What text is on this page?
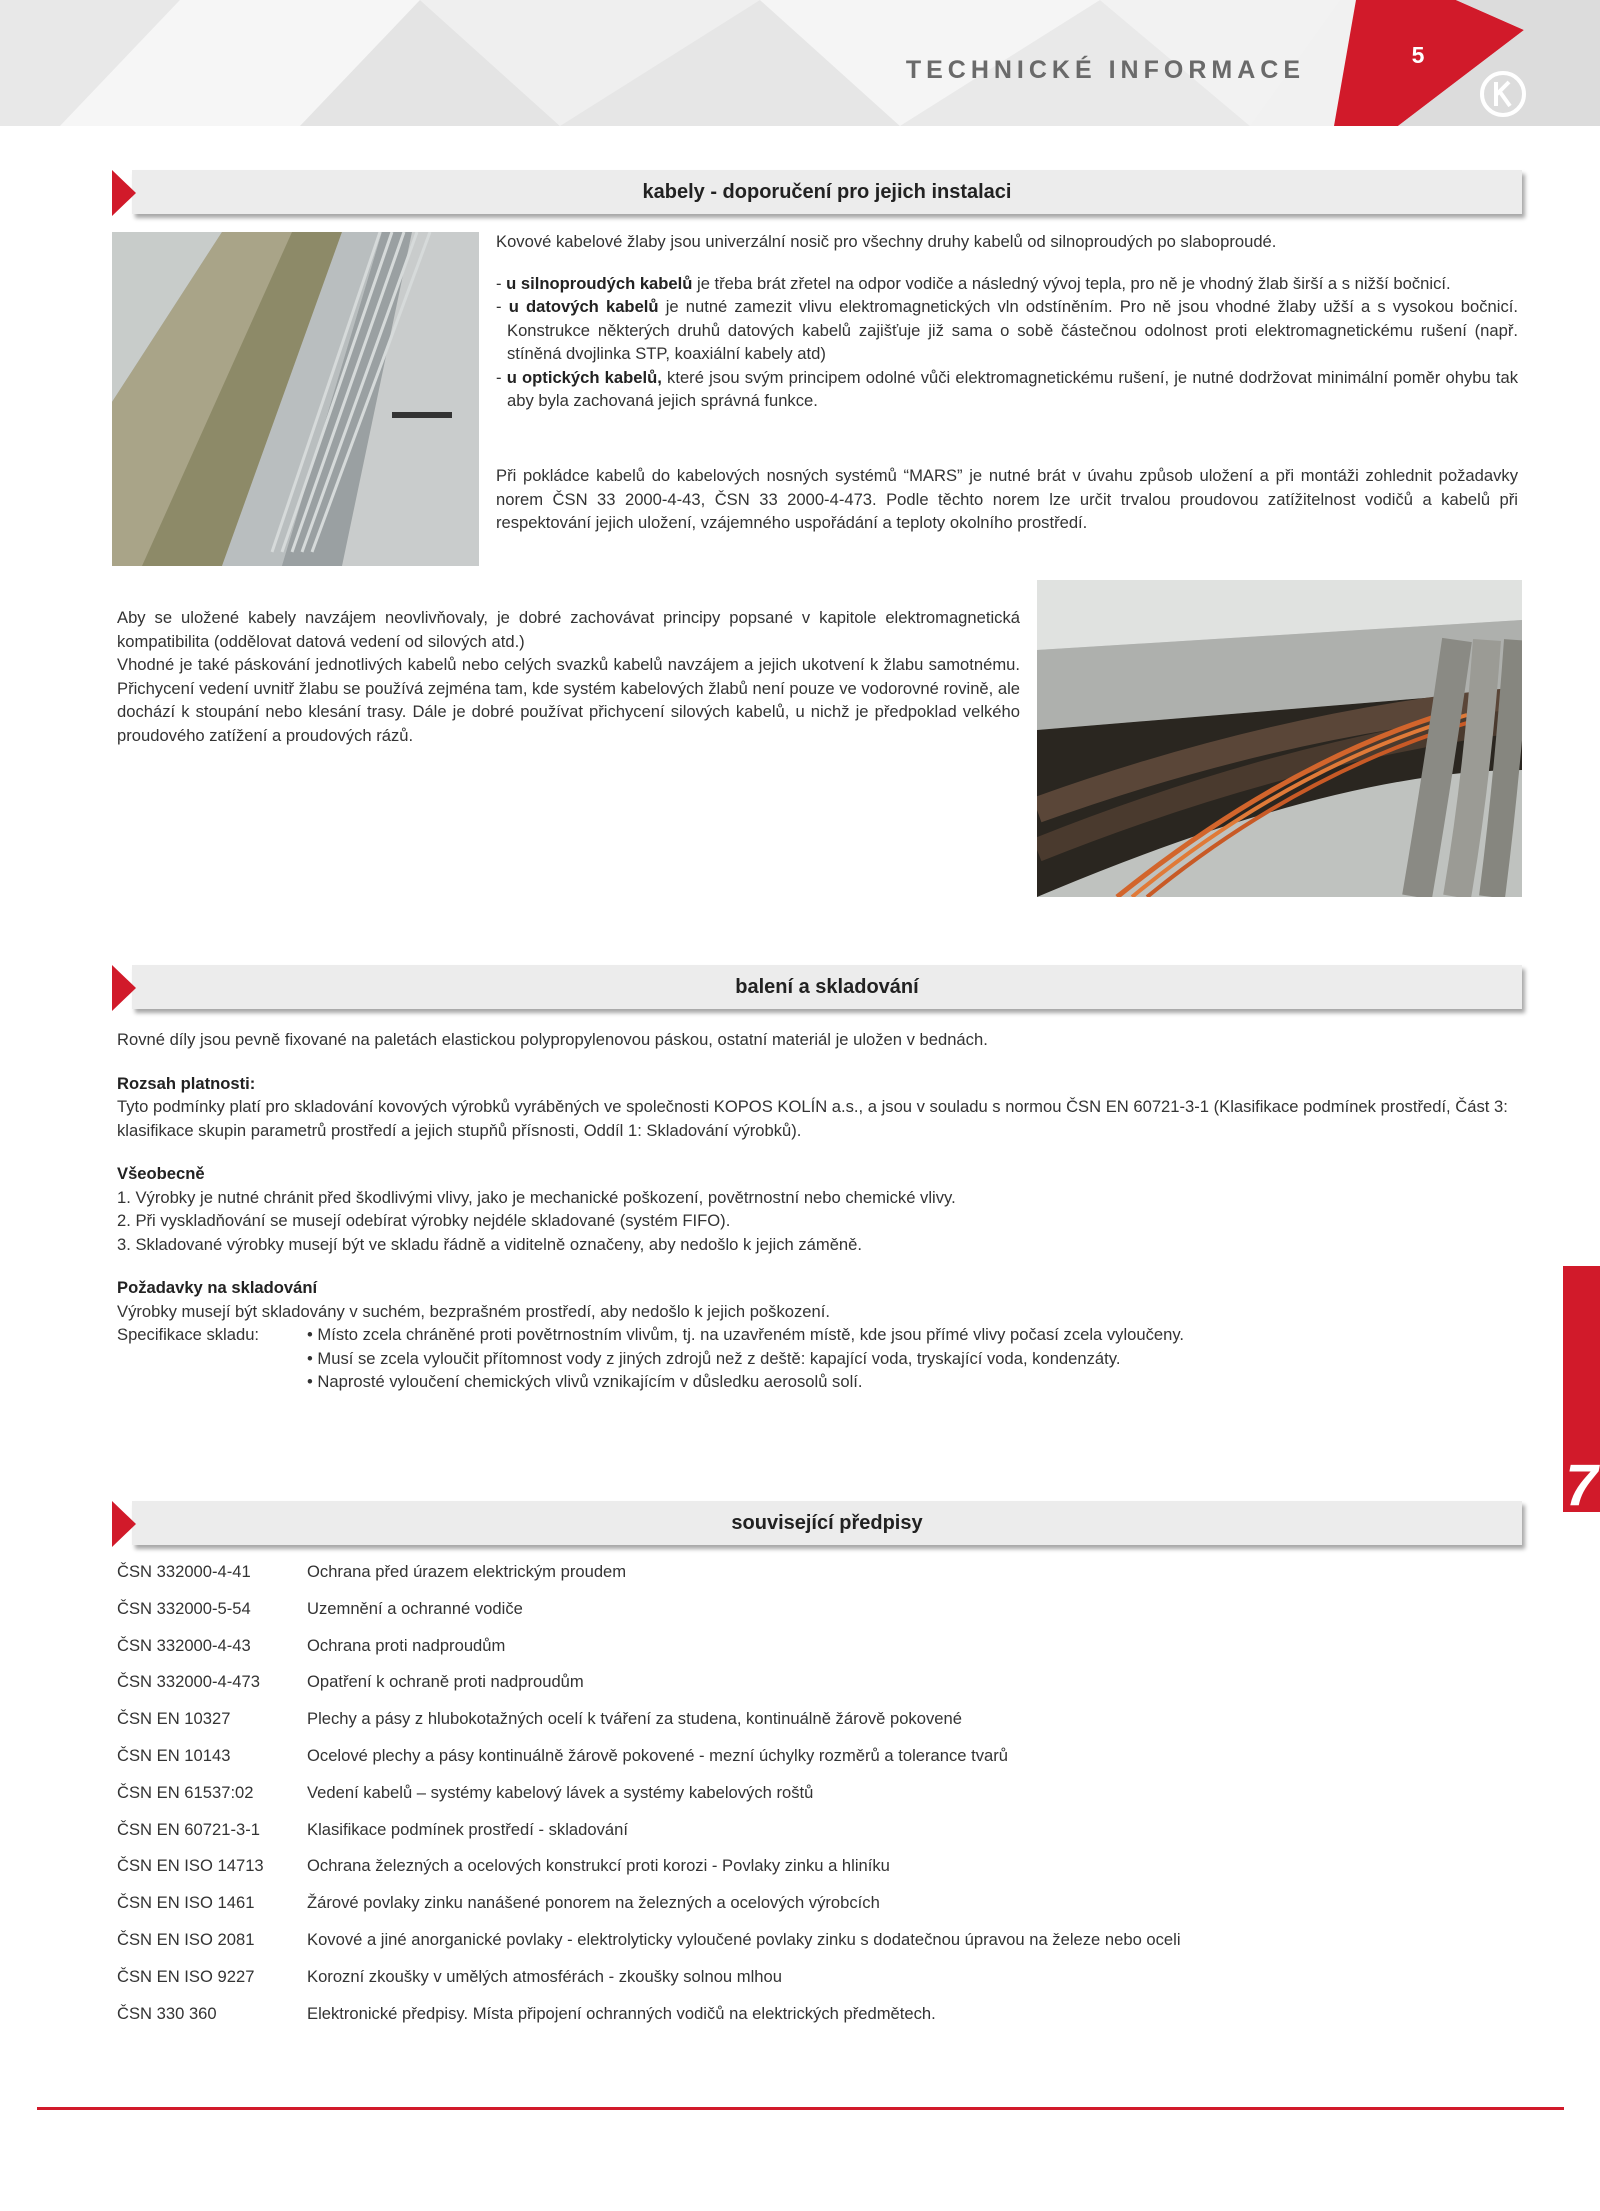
TECHNICKÉ INFORMACE
5
kabely - doporučení pro jejich instalaci

Kovové kabelové žlaby jsou univerzální nosič pro všechny druhy kabelů od silnoproudých po slaboproudé.

- u silnoproudých kabelů je třeba brát zřetel na odpor vodiče a následný vývoj tepla, pro ně je vhodný žlab širší a s nižší bočnicí.

- u datových kabelů je nutné zamezit vlivu elektromagnetických vln odstíněním. Pro ně jsou vhodné žlaby užší a s vysokou bočnicí. Konstrukce některých druhů datových kabelů zajišťuje již sama o sobě částečnou odolnost proti elektromagnetickému rušení (např. stíněná dvojlinka STP, koaxiální kabely atd)

- u optických kabelů, které jsou svým principem odolné vůči elektromagnetickému rušení, je nutné dodržovat minimální poměr ohybu tak aby byla zachovaná jejich správná funkce.

Při pokládce kabelů do kabelových nosných systémů “MARS” je nutné brát v úvahu způsob uložení a při montáži zohlednit požadavky norem ČSN 33 2000-4-43, ČSN 33 2000-4-473. Podle těchto norem lze určit trvalou proudovou zatížitelnost vodičů a kabelů při respektování jejich uložení, vzájemného uspořádání a teploty okolního prostředí.

Aby se uložené kabely navzájem neovlivňovaly, je dobré zachovávat principy popsané v kapitole elektromagnetická kompatibilita (oddělovat datová vedení od silových atd.)

Vhodné je také páskování jednotlivých kabelů nebo celých svazků kabelů navzájem a jejich ukotvení k žlabu samotnému. Přichycení vedení uvnitř žlabu se používá zejména tam, kde systém kabelových žlabů není pouze ve vodorovné rovině, ale dochází k stoupání nebo klesání trasy. Dále je dobré používat přichycení silových kabelů, u nichž je předpoklad velkého proudového zatížení a proudových rázů.

balení a skladování

Rovné díly jsou pevně fixované na paletách elastickou polypropylenovou páskou, ostatní materiál je uložen v bednách.

Rozsah platnosti:

Tyto podmínky platí pro skladování kovových výrobků vyráběných ve společnosti KOPOS KOLÍN a.s., a jsou v souladu s normou ČSN EN 60721-3-1 (Klasifikace podmínek prostředí, Část 3: klasifikace skupin parametrů prostředí a jejich stupňů přísnosti, Oddíl 1: Skladování výrobků).

Všeobecně

1. Výrobky je nutné chránit před škodlivými vlivy, jako je mechanické poškození, povětrnostní nebo chemické vlivy.

2. Při vyskladňování se musejí odebírat výrobky nejdéle skladované (systém FIFO).

3. Skladované výrobky musejí být ve skladu řádně a viditelně označeny, aby nedošlo k jejich záměně.

Požadavky na skladování

Výrobky musejí být skladovány v suchém, bezprašném prostředí, aby nedošlo k jejich poškození.

Specifikace skladu:	• Místo zcela chráněné proti povětrnostním vlivům, tj. na uzavřeném místě, kde jsou přímé vlivy počasí zcela vyloučeny.

• Musí se zcela vyloučit přítomnost vody z jiných zdrojů než z deště: kapající voda, tryskající voda, kondenzáty.

• Naprosté vyloučení chemických vlivů vznikajícím v důsledku aerosolů solí.

7
související předpisy
ČSN 332000-4-41	Ochrana před úrazem elektrickým proudem
ČSN 332000-5-54	Uzemnění a ochranné vodiče
ČSN 332000-4-43	Ochrana proti nadproudům
ČSN 332000-4-473	Opatření k ochraně proti nadproudům
ČSN EN 10327	Plechy a pásy z hlubokotažných ocelí k tváření za studena, kontinuálně žárově pokovené
ČSN EN 10143	Ocelové plechy a pásy kontinuálně žárově pokovené - mezní úchylky rozměrů a tolerance tvarů
ČSN EN 61537:02	Vedení kabelů – systémy kabelový lávek a systémy kabelových roštů
ČSN EN 60721-3-1	Klasifikace podmínek prostředí - skladování
ČSN EN ISO 14713	Ochrana železných a ocelových konstrukcí proti korozi - Povlaky zinku a hliníku
ČSN EN ISO 1461	Žárové povlaky zinku nanášené ponorem na železných a ocelových výrobcích
ČSN EN ISO 2081	Kovové a jiné anorganické povlaky - elektrolyticky vyloučené povlaky zinku s dodatečnou úpravou na železe nebo oceli
ČSN EN ISO 9227	Korozní zkoušky v umělých atmosférách - zkoušky solnou mlhou
ČSN 330 360	Elektronické předpisy. Místa připojení ochranných vodičů na elektrických předmětech.
